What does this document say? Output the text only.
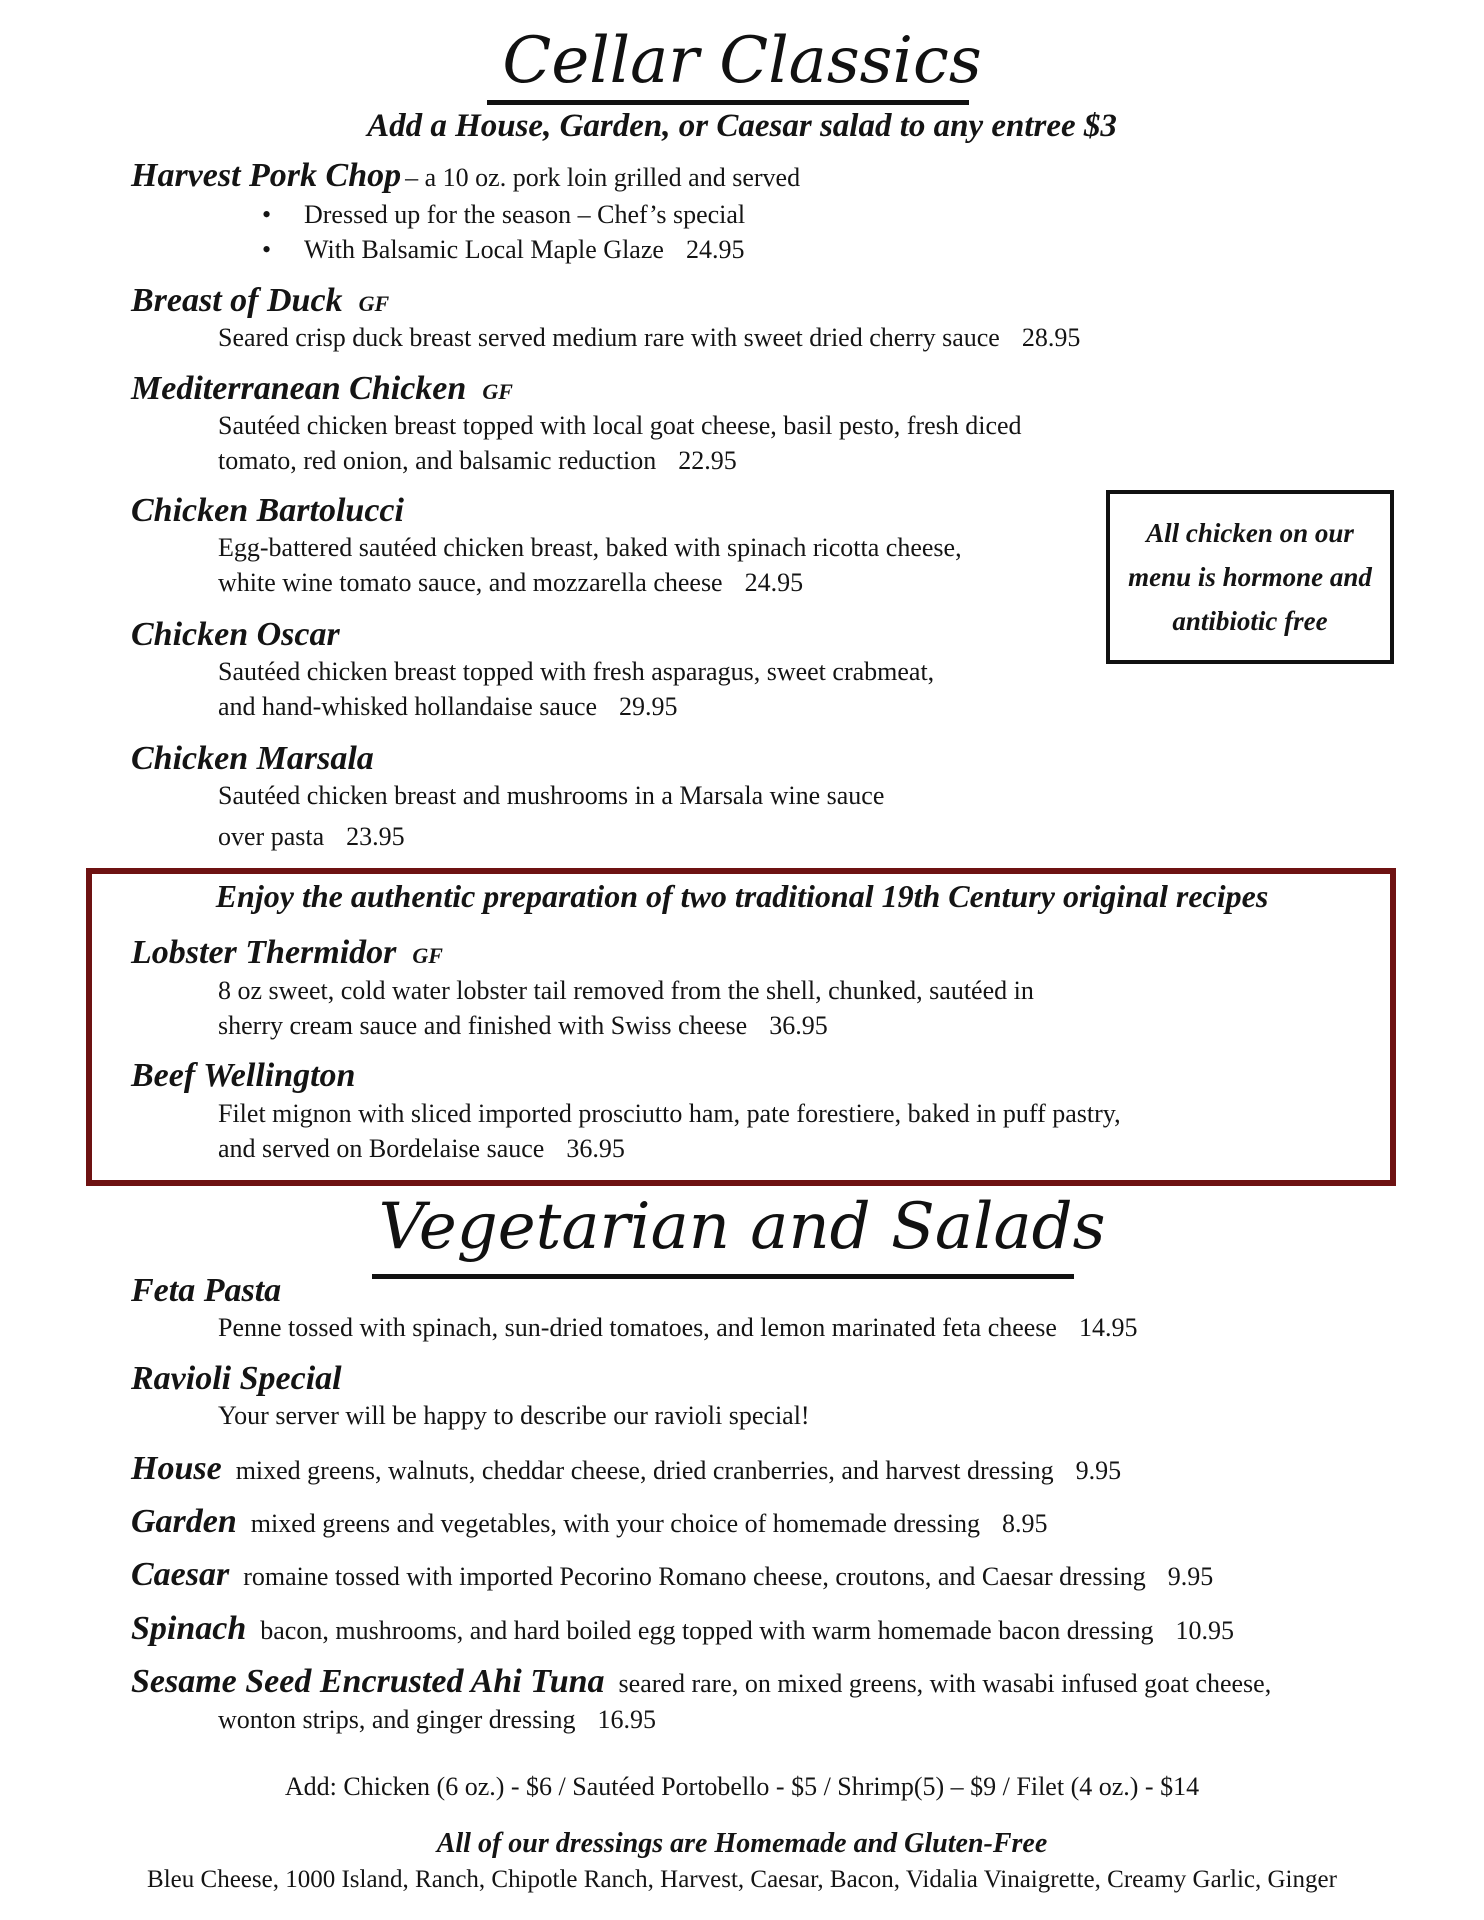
Cellar Classics
Add a House, Garden, or Caesar salad to any entree $3
Harvest Pork Chop – a 10 oz. pork loin grilled and served
• Dressed up for the season – Chef’s special
• With Balsamic Local Maple Glaze 24.95
Breast of Duck GF
Seared crisp duck breast served medium rare with sweet dried cherry sauce 28.95
Mediterranean Chicken GF
Sautéed chicken breast topped with local goat cheese, basil pesto, fresh diced
tomato, red onion, and balsamic reduction 22.95
Chicken Bartolucci
Egg-battered sautéed chicken breast, baked with spinach ricotta cheese,
white wine tomato sauce, and mozzarella cheese 24.95
Chicken Oscar
Sautéed chicken breast topped with fresh asparagus, sweet crabmeat,
and hand-whisked hollandaise sauce 29.95
Chicken Marsala
Sautéed chicken breast and mushrooms in a Marsala wine sauce
over pasta 23.95
All chicken on our
menu is hormone and
antibiotic free
Enjoy the authentic preparation of two traditional 19th Century original recipes
Lobster Thermidor GF
8 oz sweet, cold water lobster tail removed from the shell, chunked, sautéed in
sherry cream sauce and finished with Swiss cheese 36.95
Beef Wellington
Filet mignon with sliced imported prosciutto ham, pate forestiere, baked in puff pastry,
and served on Bordelaise sauce 36.95
Vegetarian and Salads
Feta Pasta
Penne tossed with spinach, sun-dried tomatoes, and lemon marinated feta cheese 14.95
Ravioli Special
Your server will be happy to describe our ravioli special!
House mixed greens, walnuts, cheddar cheese, dried cranberries, and harvest dressing 9.95
Garden mixed greens and vegetables, with your choice of homemade dressing 8.95
Caesar romaine tossed with imported Pecorino Romano cheese, croutons, and Caesar dressing 9.95
Spinach bacon, mushrooms, and hard boiled egg topped with warm homemade bacon dressing 10.95
Sesame Seed Encrusted Ahi Tuna seared rare, on mixed greens, with wasabi infused goat cheese,
wonton strips, and ginger dressing 16.95
Add: Chicken (6 oz.) - $6 / Sautéed Portobello - $5 / Shrimp(5) – $9 / Filet (4 oz.) - $14
All of our dressings are Homemade and Gluten-Free
Bleu Cheese, 1000 Island, Ranch, Chipotle Ranch, Harvest, Caesar, Bacon, Vidalia Vinaigrette, Creamy Garlic, Ginger
